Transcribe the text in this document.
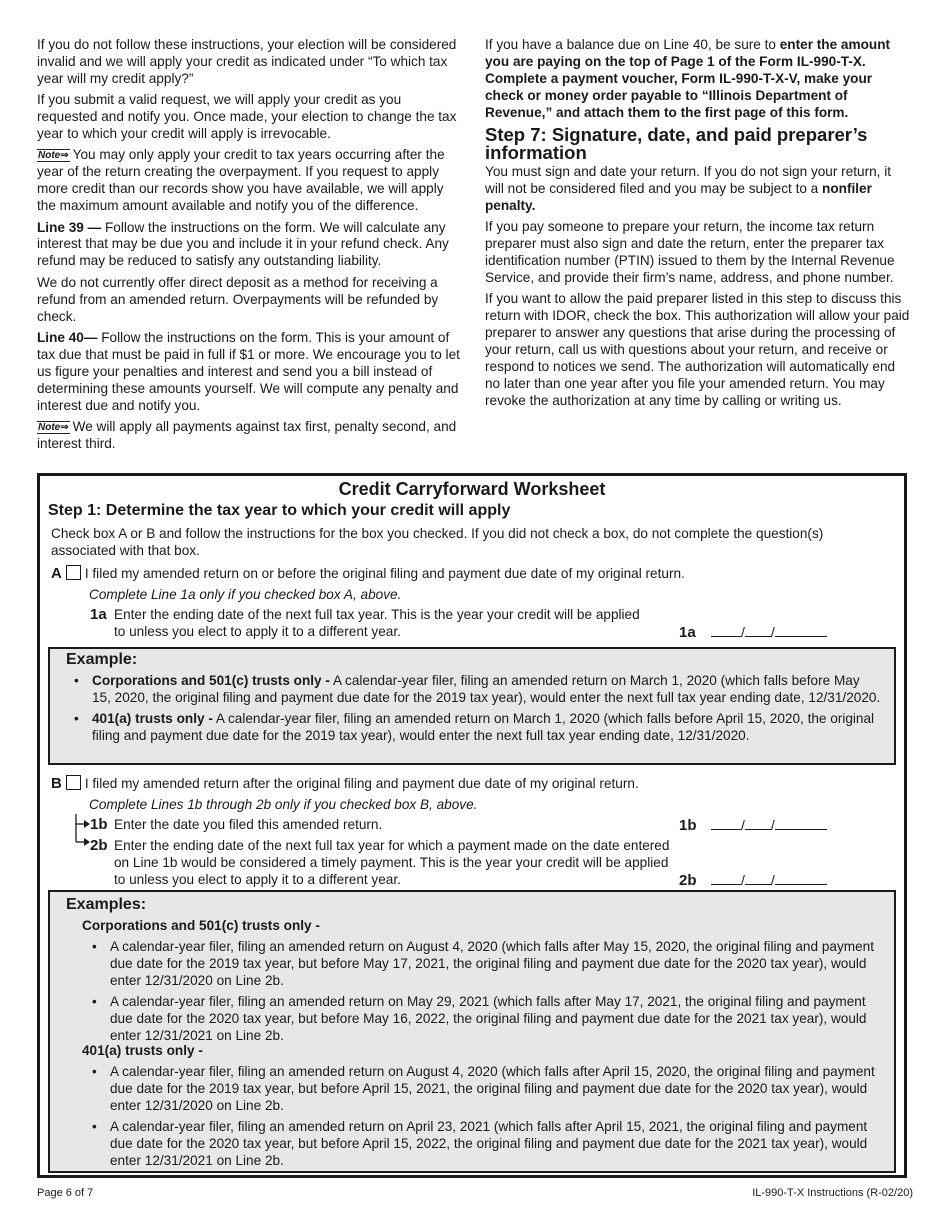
If you do not follow these instructions, your election will be considered invalid and we will apply your credit as indicated under “To which tax year will my credit apply?”

If you submit a valid request, we will apply your credit as you requested and notify you. Once made, your election to change the tax year to which your credit will apply is irrevocable.

Note⇒ You may only apply your credit to tax years occurring after the year of the return creating the overpayment. If you request to apply more credit than our records show you have available, we will apply the maximum amount available and notify you of the difference.

Line 39 — Follow the instructions on the form. We will calculate any interest that may be due you and include it in your refund check. Any refund may be reduced to satisfy any outstanding liability.

We do not currently offer direct deposit as a method for receiving a refund from an amended return. Overpayments will be refunded by check.

Line 40— Follow the instructions on the form. This is your amount of tax due that must be paid in full if $1 or more. We encourage you to let us figure your penalties and interest and send you a bill instead of determining these amounts yourself. We will compute any penalty and interest due and notify you.

Note⇒ We will apply all payments against tax first, penalty second, and interest third.

If you have a balance due on Line 40, be sure to enter the amount you are paying on the top of Page 1 of the Form IL-990-T-X. Complete a payment voucher, Form IL-990-T-X-V, make your check or money order payable to “Illinois Department of Revenue,” and attach them to the first page of this form.

Step 7: Signature, date, and paid preparer’s information

You must sign and date your return. If you do not sign your return, it will not be considered filed and you may be subject to a nonfiler penalty.

If you pay someone to prepare your return, the income tax return preparer must also sign and date the return, enter the preparer tax identification number (PTIN) issued to them by the Internal Revenue Service, and provide their firm’s name, address, and phone number.

If you want to allow the paid preparer listed in this step to discuss this return with IDOR, check the box. This authorization will allow your paid preparer to answer any questions that arise during the processing of your return, call us with questions about your return, and receive or respond to notices we send. The authorization will automatically end no later than one year after you file your amended return. You may revoke the authorization at any time by calling or writing us.

Credit Carryforward Worksheet
Step 1: Determine the tax year to which your credit will apply
Check box A or B and follow the instructions for the box you checked. If you did not check a box, do not complete the question(s) associated with that box.
A I filed my amended return on or before the original filing and payment due date of my original return.
Complete Line 1a only if you checked box A, above.
1a Enter the ending date of the next full tax year. This is the year your credit will be applied
to unless you elect to apply it to a different year.	1a	/ /
Example:
• Corporations and 501(c) trusts only - A calendar-year filer, filing an amended return on March 1, 2020 (which falls before May 15, 2020, the original filing and payment due date for the 2019 tax year), would enter the next full tax year ending date, 12/31/2020.
• 401(a) trusts only - A calendar-year filer, filing an amended return on March 1, 2020 (which falls before April 15, 2020, the original filing and payment due date for the 2019 tax year), would enter the next full tax year ending date, 12/31/2020.
B I filed my amended return after the original filing and payment due date of my original return.
Complete Lines 1b through 2b only if you checked box B, above.
1b Enter the date you filed this amended return.	1b	/ /
2b Enter the ending date of the next full tax year for which a payment made on the date entered
on Line 1b would be considered a timely payment. This is the year your credit will be applied
to unless you elect to apply it to a different year.	2b	/ /
Examples:
Corporations and 501(c) trusts only -
• A calendar-year filer, filing an amended return on August 4, 2020 (which falls after May 15, 2020, the original filing and payment due date for the 2019 tax year, but before May 17, 2021, the original filing and payment due date for the 2020 tax year), would enter 12/31/2020 on Line 2b.
• A calendar-year filer, filing an amended return on May 29, 2021 (which falls after May 17, 2021, the original filing and payment due date for the 2020 tax year, but before May 16, 2022, the original filing and payment due date for the 2021 tax year), would enter 12/31/2021 on Line 2b.
401(a) trusts only -
• A calendar-year filer, filing an amended return on August 4, 2020 (which falls after April 15, 2020, the original filing and payment due date for the 2019 tax year, but before April 15, 2021, the original filing and payment due date for the 2020 tax year), would enter 12/31/2020 on Line 2b.
• A calendar-year filer, filing an amended return on April 23, 2021 (which falls after April 15, 2021, the original filing and payment due date for the 2020 tax year, but before April 15, 2022, the original filing and payment due date for the 2021 tax year), would enter 12/31/2021 on Line 2b.
Page 6 of 7	IL-990-T-X Instructions (R-02/20)
